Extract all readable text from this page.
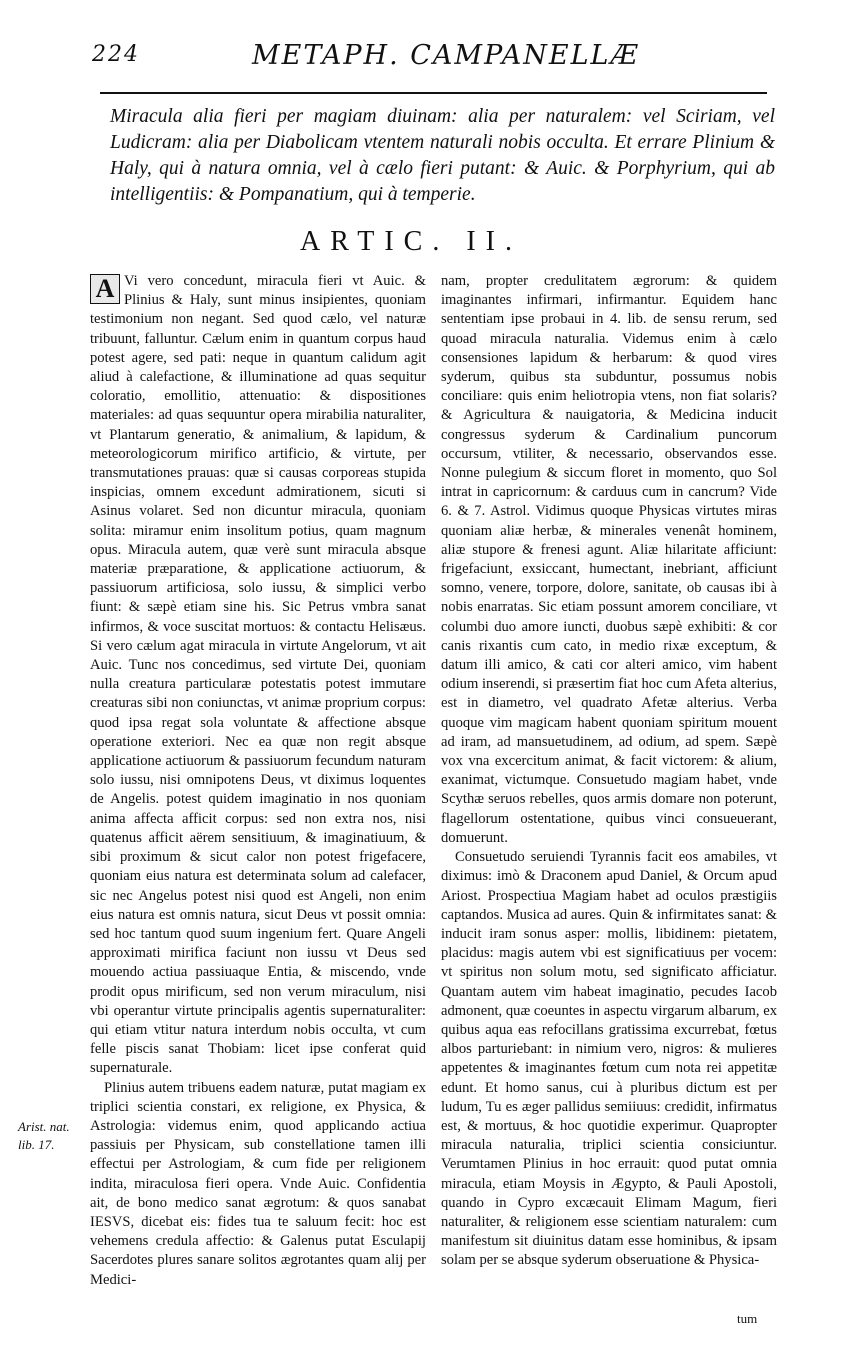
224	METAPH. CAMPANELLÆ
Miracula alia fieri per magiam diuinam: alia per naturalem: vel Sciriam, vel Ludicram: alia per Diabolicam vtentem naturali nobis occulta. Et errare Plinium & Haly, qui à natura omnia, vel à cælo fieri putant: & Auic. & Porphyrium, qui ab intelligentiis: & Pompanatium, qui à temperie.
ARTIC. II.

A Vi vero concedunt, miracula fieri vt Auic. & Plinius & Haly, sunt minus insipientes, quoniam testimonium non negant. Sed quod cælo, vel naturæ tribuunt, falluntur. Cælum enim in quantum corpus haud potest agere, sed pati: neque in quantum calidum agit aliud à calefactione, & illuminatione ad quas sequitur coloratio, emollitio, attenuatio: & dispositiones materiales: ad quas sequuntur opera mirabilia naturaliter, vt Plantarum generatio, & animalium, & lapidum, & meteorologicorum mirifico artificio, & virtute, per transmutationes prauas: quæ si causas corporeas stupida inspicias, omnem excedunt admirationem, sicuti si Asinus volaret. Sed non dicuntur miracula, quoniam solita: miramur enim insolitum potius, quam magnum opus. Miracula autem, quæ verè sunt miracula absque materiæ præparatione, & applicatione actiuorum, & passiuorum artificiosa, solo iussu, & simplici verbo fiunt: & sæpè etiam sine his. Sic Petrus vmbra sanat infirmos, & voce suscitat mortuos: & contactu Helisæus. Si vero cælum agat miracula in virtute Angelorum, vt ait Auic. Tunc nos concedimus, sed virtute Dei, quoniam nulla creatura particularæ potestatis potest immutare creaturas sibi non coniunctas, vt animæ proprium corpus: quod ipsa regat sola voluntate & affectione absque operatione exteriori. Nec ea quæ non regit absque applicatione actiuorum & passiuorum fecundum naturam solo iussu, nisi omnipotens Deus, vt diximus loquentes de Angelis. potest quidem imaginatio in nos quoniam anima affecta afficit corpus: sed non extra nos, nisi quatenus afficit aërem sensitiuum, & imaginatiuum, & sibi proximum & sicut calor non potest frigefacere, quoniam eius natura est determinata solum ad calefacer, sic nec Angelus potest nisi quod est Angeli, non enim eius natura est omnis natura, sicut Deus vt possit omnia: sed hoc tantum quod suum ingenium fert. Quare Angeli approximati mirifica faciunt non iussu vt Deus sed mouendo actiua passiuaque Entia, & miscendo, vnde prodit opus mirificum, sed non verum miraculum, nisi vbi operantur virtute principalis agentis supernaturaliter: qui etiam vtitur natura interdum nobis occulta, vt cum felle piscis sanat Thobiam: licet ipse conferat quid supernaturale.

Plinius autem tribuens eadem naturæ, putat magiam ex triplici scientia constari, ex religione, ex Physica, & Astrologia: videmus enim, quod applicando actiua passiuis per Physicam, sub constellatione tamen illi effectui per Astrologiam, & cum fide per religionem indita, miraculosa fieri opera. Vnde Auic. Confidentia ait, de bono medico sanat ægrotum: & quos sanabat IESVS, dicebat eis: fides tua te saluum fecit: hoc est vehemens credula affectio: & Galenus putat Esculapij Sacerdotes plures sanare solitos ægrotantes quam alij per Medici-

nam, propter credulitatem ægrorum: & quidem imaginantes infirmari, infirmantur. Equidem hanc sententiam ipse probaui in 4. lib. de sensu rerum, sed quoad miracula naturalia. Videmus enim à cælo consensiones lapidum & herbarum: & quod vires syderum, quibus sta subduntur, possumus nobis conciliare: quis enim heliotropia vtens, non fiat solaris? & Agricultura & nauigatoria, & Medicina inducit congressus syderum & Cardinalium puncorum occursum, vtiliter, & necessario, observandos esse. Nonne pulegium & siccum floret in momento, quo Sol intrat in capricornum: & carduus cum in cancrum? Vide 6. & 7. Astrol. Vidimus quoque Physicas virtutes miras quoniam aliæ herbæ, & minerales venenât hominem, aliæ stupore & frenesi agunt. Aliæ hilaritate afficiunt: frigefaciunt, exsiccant, humectant, inebriant, afficiunt somno, venere, torpore, dolore, sanitate, ob causas ibi à nobis enarratas. Sic etiam possunt amorem conciliare, vt columbi duo amore iuncti, duobus sæpè exhibiti: & cor canis rixantis cum cato, in medio rixæ exceptum, & datum illi amico, & cati cor alteri amico, vim habent odium inserendi, si præsertim fiat hoc cum Afeta alterius, est in diametro, vel quadrato Afetæ alterius. Verba quoque vim magicam habent quoniam spiritum mouent ad iram, ad mansuetudinem, ad odium, ad spem. Sæpè vox vna excercitum animat, & facit victorem: & alium, exanimat, victumque. Consuetudo magiam habet, vnde Scythæ seruos rebelles, quos armis domare non poterunt, flagellorum ostentatione, quibus vinci consueuerant, domuerunt.

Consuetudo seruiendi Tyrannis facit eos amabiles, vt diximus: imò & Draconem apud Daniel, & Orcum apud Ariost. Prospectiua Magiam habet ad oculos præstigiis captandos. Musica ad aures. Quin & infirmitates sanat: & inducit iram sonus asper: mollis, libidinem: pietatem, placidus: magis autem vbi est significatiuus per vocem: vt spiritus non solum motu, sed significato afficiatur. Quantam autem vim habeat imaginatio, pecudes Iacob admonent, quæ coeuntes in aspectu virgarum albarum, ex quibus aqua eas refocillans gratissima excurrebat, fœtus albos parturiebant: in nimium vero, nigros: & mulieres appetentes & imaginantes fœtum cum nota rei appetitæ edunt. Et homo sanus, cui à pluribus dictum est per ludum, Tu es æger pallidus semiiuus: credidit, infirmatus est, & mortuus, & hoc quotidie experimur. Quapropter miracula naturalia, triplici scientia consiciuntur. Verumtamen Plinius in hoc errauit: quod putat omnia miracula, etiam Moysis in Ægypto, & Pauli Apostoli, quando in Cypro excæcauit Elimam Magum, fieri naturaliter, & religionem esse scientiam naturalem: cum manifestum sit diuinitus datam esse hominibus, & ipsam solam per se absque syderum obseruatione & Physica-

Arist. nat. lib. 17.
tum
